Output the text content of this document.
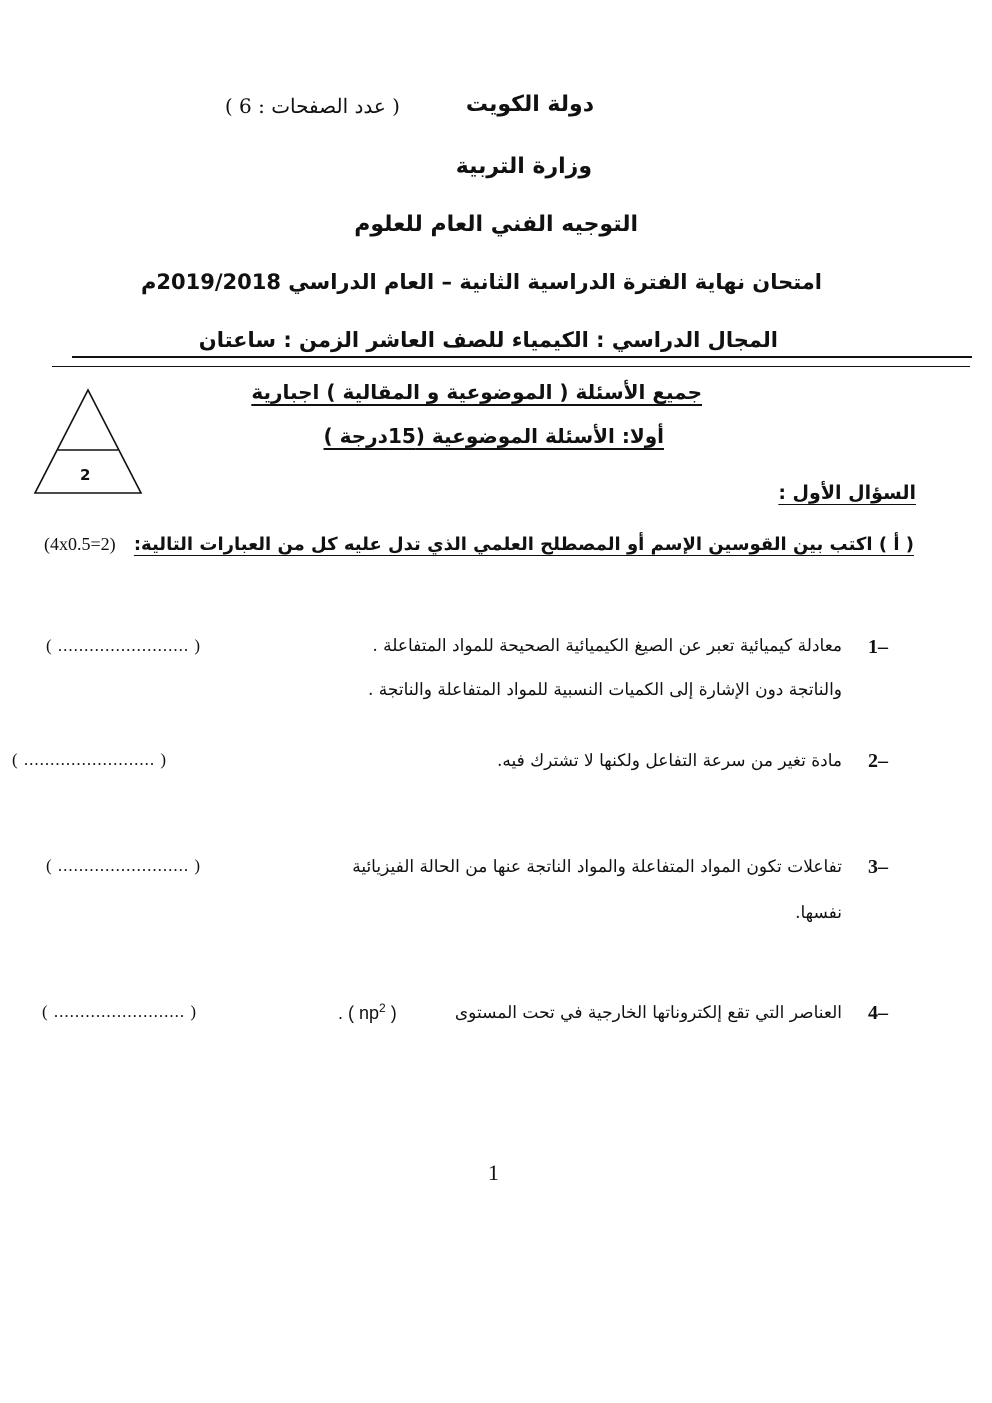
دولة الكويت
( عدد الصفحات : 6 )
وزارة التربية
التوجيه الفني العام للعلوم
امتحان نهاية الفترة الدراسية الثانية – العام الدراسي 2019/2018م
المجال الدراسي : الكيمياء للصف العاشر الزمن : ساعتان
جميع الأسئلة ( الموضوعية و المقالية ) اجبارية
أولا: الأسئلة الموضوعية (15درجة )
2
السؤال الأول :
( أ ) اكتب بين القوسين الإسم أو المصطلح العلمي الذي تدل عليه كل من العبارات التالية:
(4x0.5=2)
1–
معادلة كيميائية تعبر عن الصيغ الكيميائية الصحيحة للمواد المتفاعلة .
والناتجة دون الإشارة إلى الكميات النسبية للمواد المتفاعلة والناتجة .
( ......................... )
2–
مادة تغير من سرعة التفاعل ولكنها لا تشترك فيه.
( ......................... )
3–
تفاعلات تكون المواد المتفاعلة والمواد الناتجة عنها من الحالة الفيزيائية
نفسها.
( ......................... )
4–
العناصر التي تقع إلكتروناتها الخارجية في تحت المستوى
. ( $np^2$ )
( ......................... )
1
